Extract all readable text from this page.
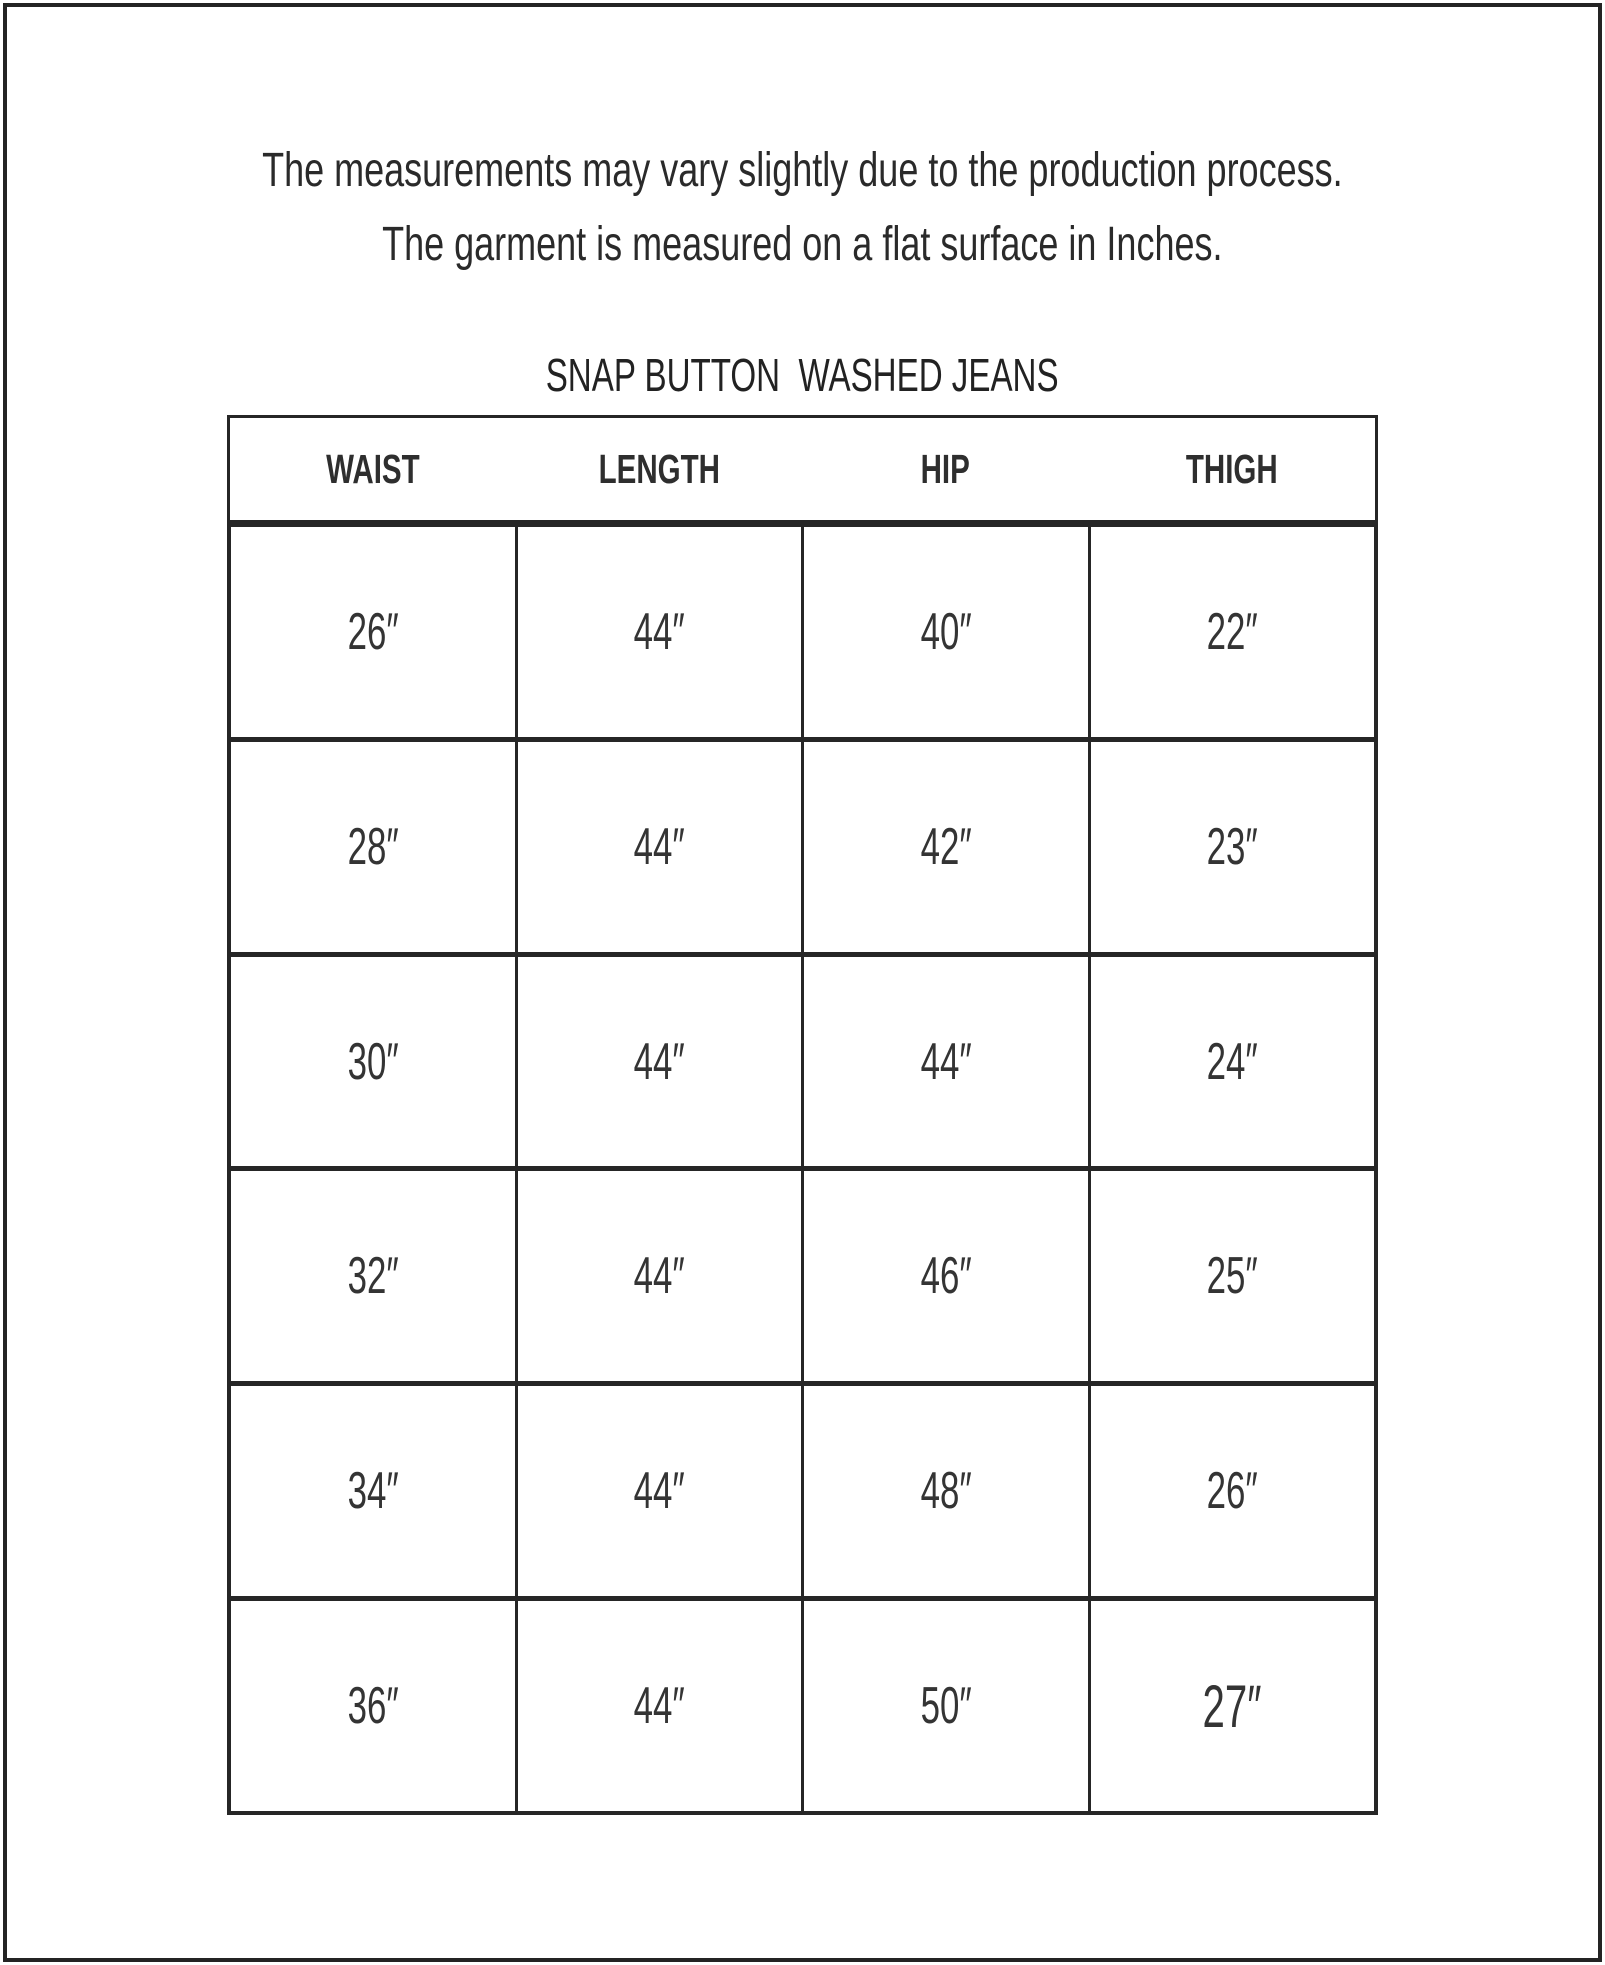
The measurements may vary slightly due to the production process.
The garment is measured on a flat surface in Inches.
SNAP BUTTON  WASHED JEANS
WAIST	LENGTH	HIP	THIGH
26″	44″	40″	22″
28″	44″	42″	23″
30″	44″	44″	24″
32″	44″	46″	25″
34″	44″	48″	26″
36″	44″	50″	27″
